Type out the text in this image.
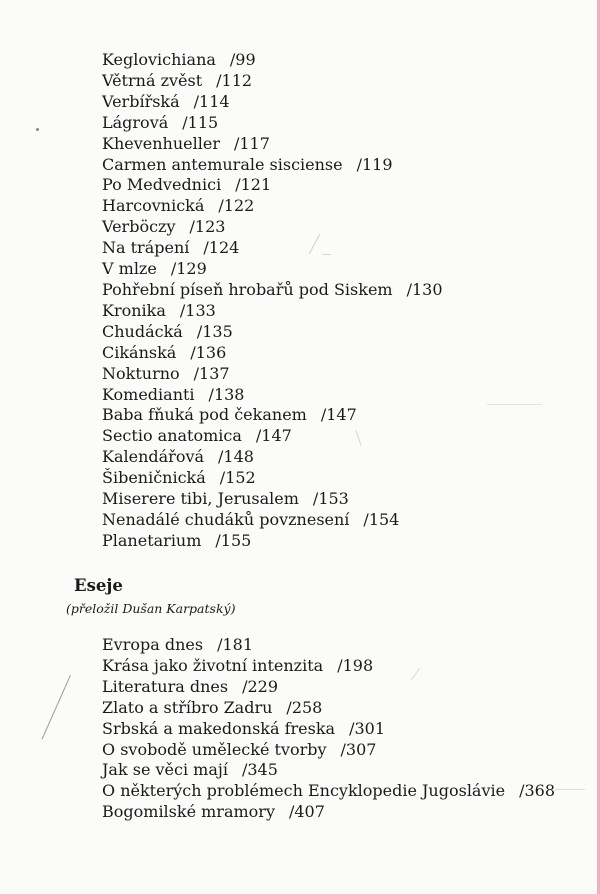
Keglovichiana /99
Větrná zvěst /112
Verbířská /114
Lágrová /115
Khevenhueller /117
Carmen antemurale sisciense /119
Po Medvednici /121
Harcovnická /122
Verböczy /123
Na trápení /124
V mlze /129
Pohřební píseň hrobařů pod Siskem /130
Kronika /133
Chudácká /135
Cikánská /136
Nokturno /137
Komedianti /138
Baba fňuká pod čekanem /147
Sectio anatomica /147
Kalendářová /148
Šibeničnická /152
Miserere tibi, Jerusalem /153
Nenadálé chudáků povznesení /154
Planetarium /155
Eseje

(přeložil Dušan Karpatský)

Evropa dnes /181
Krása jako životní intenzita /198
Literatura dnes /229
Zlato a stříbro Zadru /258
Srbská a makedonská freska /301
O svobodě umělecké tvorby /307
Jak se věci mají /345
O některých problémech Encyklopedie Jugoslávie /368
Bogomilské mramory /407
